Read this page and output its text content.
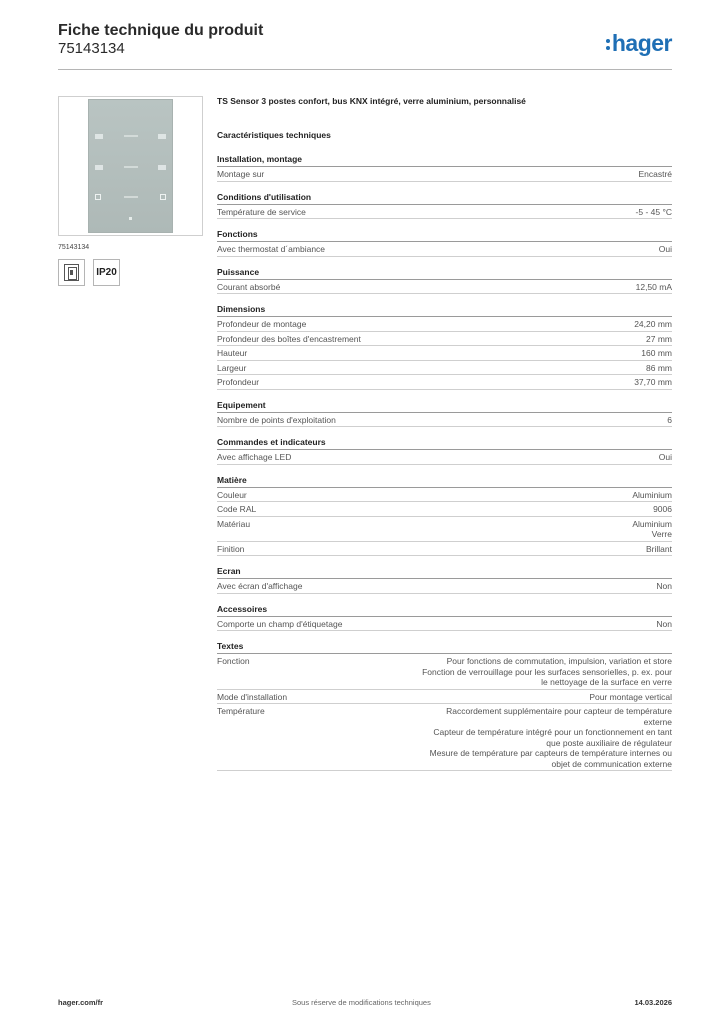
Fiche technique du produit
75143134	hager
75143134
IP20
TS Sensor 3 postes confort, bus KNX intégré, verre aluminium, personnalisé
Caractéristiques techniques
Installation, montage
Montage sur	Encastré
Conditions d'utilisation
Température de service	-5 - 45 °C
Fonctions
Avec thermostat d´ambiance	Oui
Puissance
Courant absorbé	12,50 mA
Dimensions
Profondeur de montage	24,20 mm
Profondeur des boîtes d'encastrement	27 mm
Hauteur	160 mm
Largeur	86 mm
Profondeur	37,70 mm
Equipement
Nombre de points d'exploitation	6
Commandes et indicateurs
Avec affichage LED	Oui
Matière
Couleur	Aluminium
Code RAL	9006
Matériau	Aluminium
Verre
Finition	Brillant
Ecran
Avec écran d'affichage	Non
Accessoires
Comporte un champ d'étiquetage	Non
Textes
Fonction	Pour fonctions de commutation, impulsion, variation et store
Fonction de verrouillage pour les surfaces sensorielles, p. ex. pour
le nettoyage de la surface en verre
Mode d'installation	Pour montage vertical
Température	Raccordement supplémentaire pour capteur de température
externe
Capteur de température intégré pour un fonctionnement en tant
que poste auxiliaire de régulateur
Mesure de température par capteurs de température internes ou
objet de communication externe
hager.com/fr	Sous réserve de modifications techniques	14.03.2026
